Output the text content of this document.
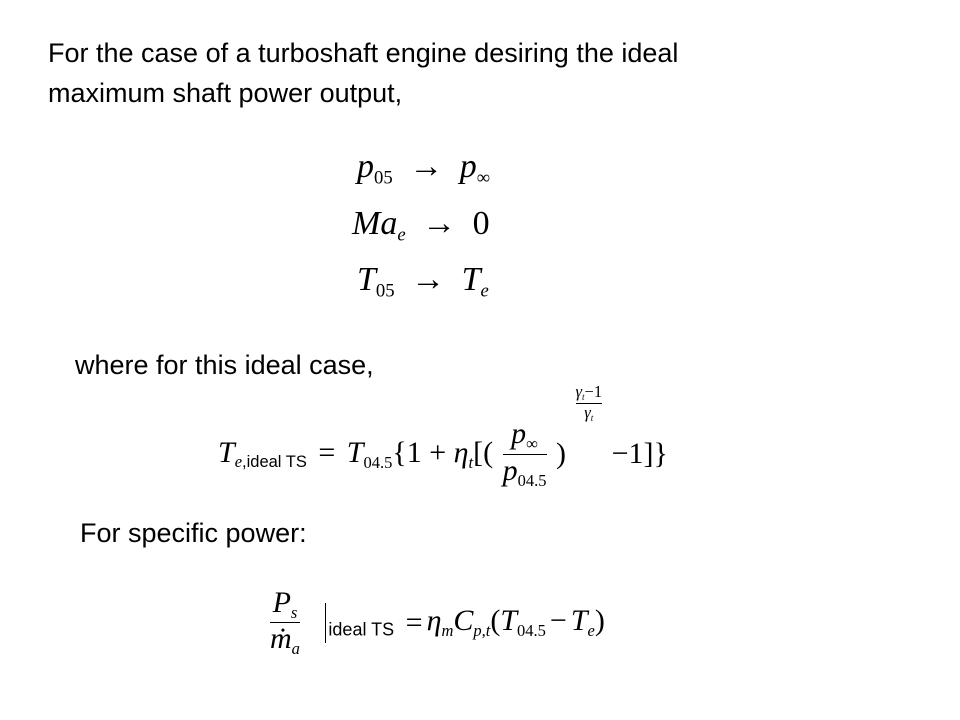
For the case of a turboshaft engine desiring the ideal
maximum shaft power output,
$p_{05} \to p_\infty$
$Ma_e \to 0$
$T_{05} \to T_e$
where for this ideal case,
$T_{e,ideal TS} = T_{04.5}\{1 + \eta_t[( \frac{p_\infty}{p_{04.5}}$ )
$\frac{\gamma_t-1}{\gamma_t}$
−1]}
For specific power:
$\frac{P_s}{ṁ_a} _{ideal TS} = \eta_mC_{p,t}(T_{04.5} - T_e)$
